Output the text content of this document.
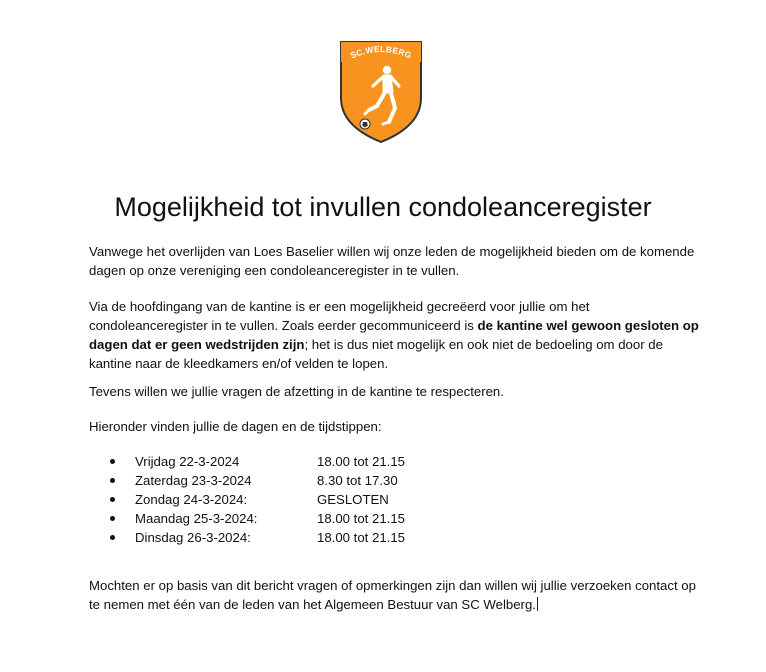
SC.WELBERG
Mogelijkheid tot invullen condoleanceregister

Vanwege het overlijden van Loes Baselier willen wij onze leden de mogelijkheid bieden om de komende dagen op onze vereniging een condoleanceregister in te vullen.

Via de hoofdingang van de kantine is er een mogelijkheid gecreëerd voor jullie om het condoleanceregister in te vullen. Zoals eerder gecommuniceerd is de kantine wel gewoon gesloten op dagen dat er geen wedstrijden zijn; het is dus niet mogelijk en ook niet de bedoeling om door de kantine naar de kleedkamers en/of velden te lopen.

Tevens willen we jullie vragen de afzetting in de kantine te respecteren.

Hieronder vinden jullie de dagen en de tijdstippen:

Vrijdag 22-3-2024	18.00 tot 21.15
Zaterdag 23-3-2024	8.30 tot 17.30
Zondag 24-3-2024:	GESLOTEN
Maandag 25-3-2024:	18.00 tot 21.15
Dinsdag 26-3-2024:	18.00 tot 21.15

Mochten er op basis van dit bericht vragen of opmerkingen zijn dan willen wij jullie verzoeken contact op te nemen met één van de leden van het Algemeen Bestuur van SC Welberg.
